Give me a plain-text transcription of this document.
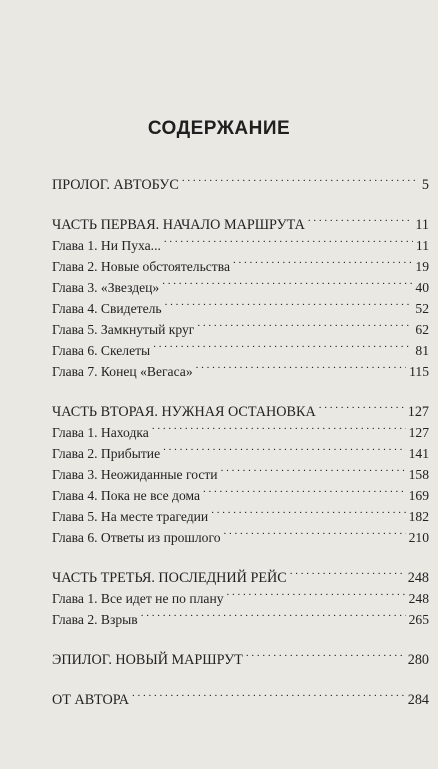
СОДЕРЖАНИЕ
ПРОЛОГ. АВТОБУС . . .	5
ЧАСТЬ ПЕРВАЯ. НАЧАЛО МАРШРУТА . . .	11
Глава 1. Ни Пуха... . . .	11
Глава 2. Новые обстоятельства . . .	19
Глава 3. «Звездец» . . .	40
Глава 4. Свидетель . . .	52
Глава 5. Замкнутый круг . . .	62
Глава 6. Скелеты . . .	81
Глава 7. Конец «Вегаса» . . .	115
ЧАСТЬ ВТОРАЯ. НУЖНАЯ ОСТАНОВКА . . .	127
Глава 1. Находка . . .	127
Глава 2. Прибытие . . .	141
Глава 3. Неожиданные гости . . .	158
Глава 4. Пока не все дома . . .	169
Глава 5. На месте трагедии . . .	182
Глава 6. Ответы из прошлого . . .	210
ЧАСТЬ ТРЕТЬЯ. ПОСЛЕДНИЙ РЕЙС . . .	248
Глава 1. Все идет не по плану . . .	248
Глава 2. Взрыв . . .	265
ЭПИЛОГ. НОВЫЙ МАРШРУТ . . .	280
ОТ АВТОРА . . .	284
